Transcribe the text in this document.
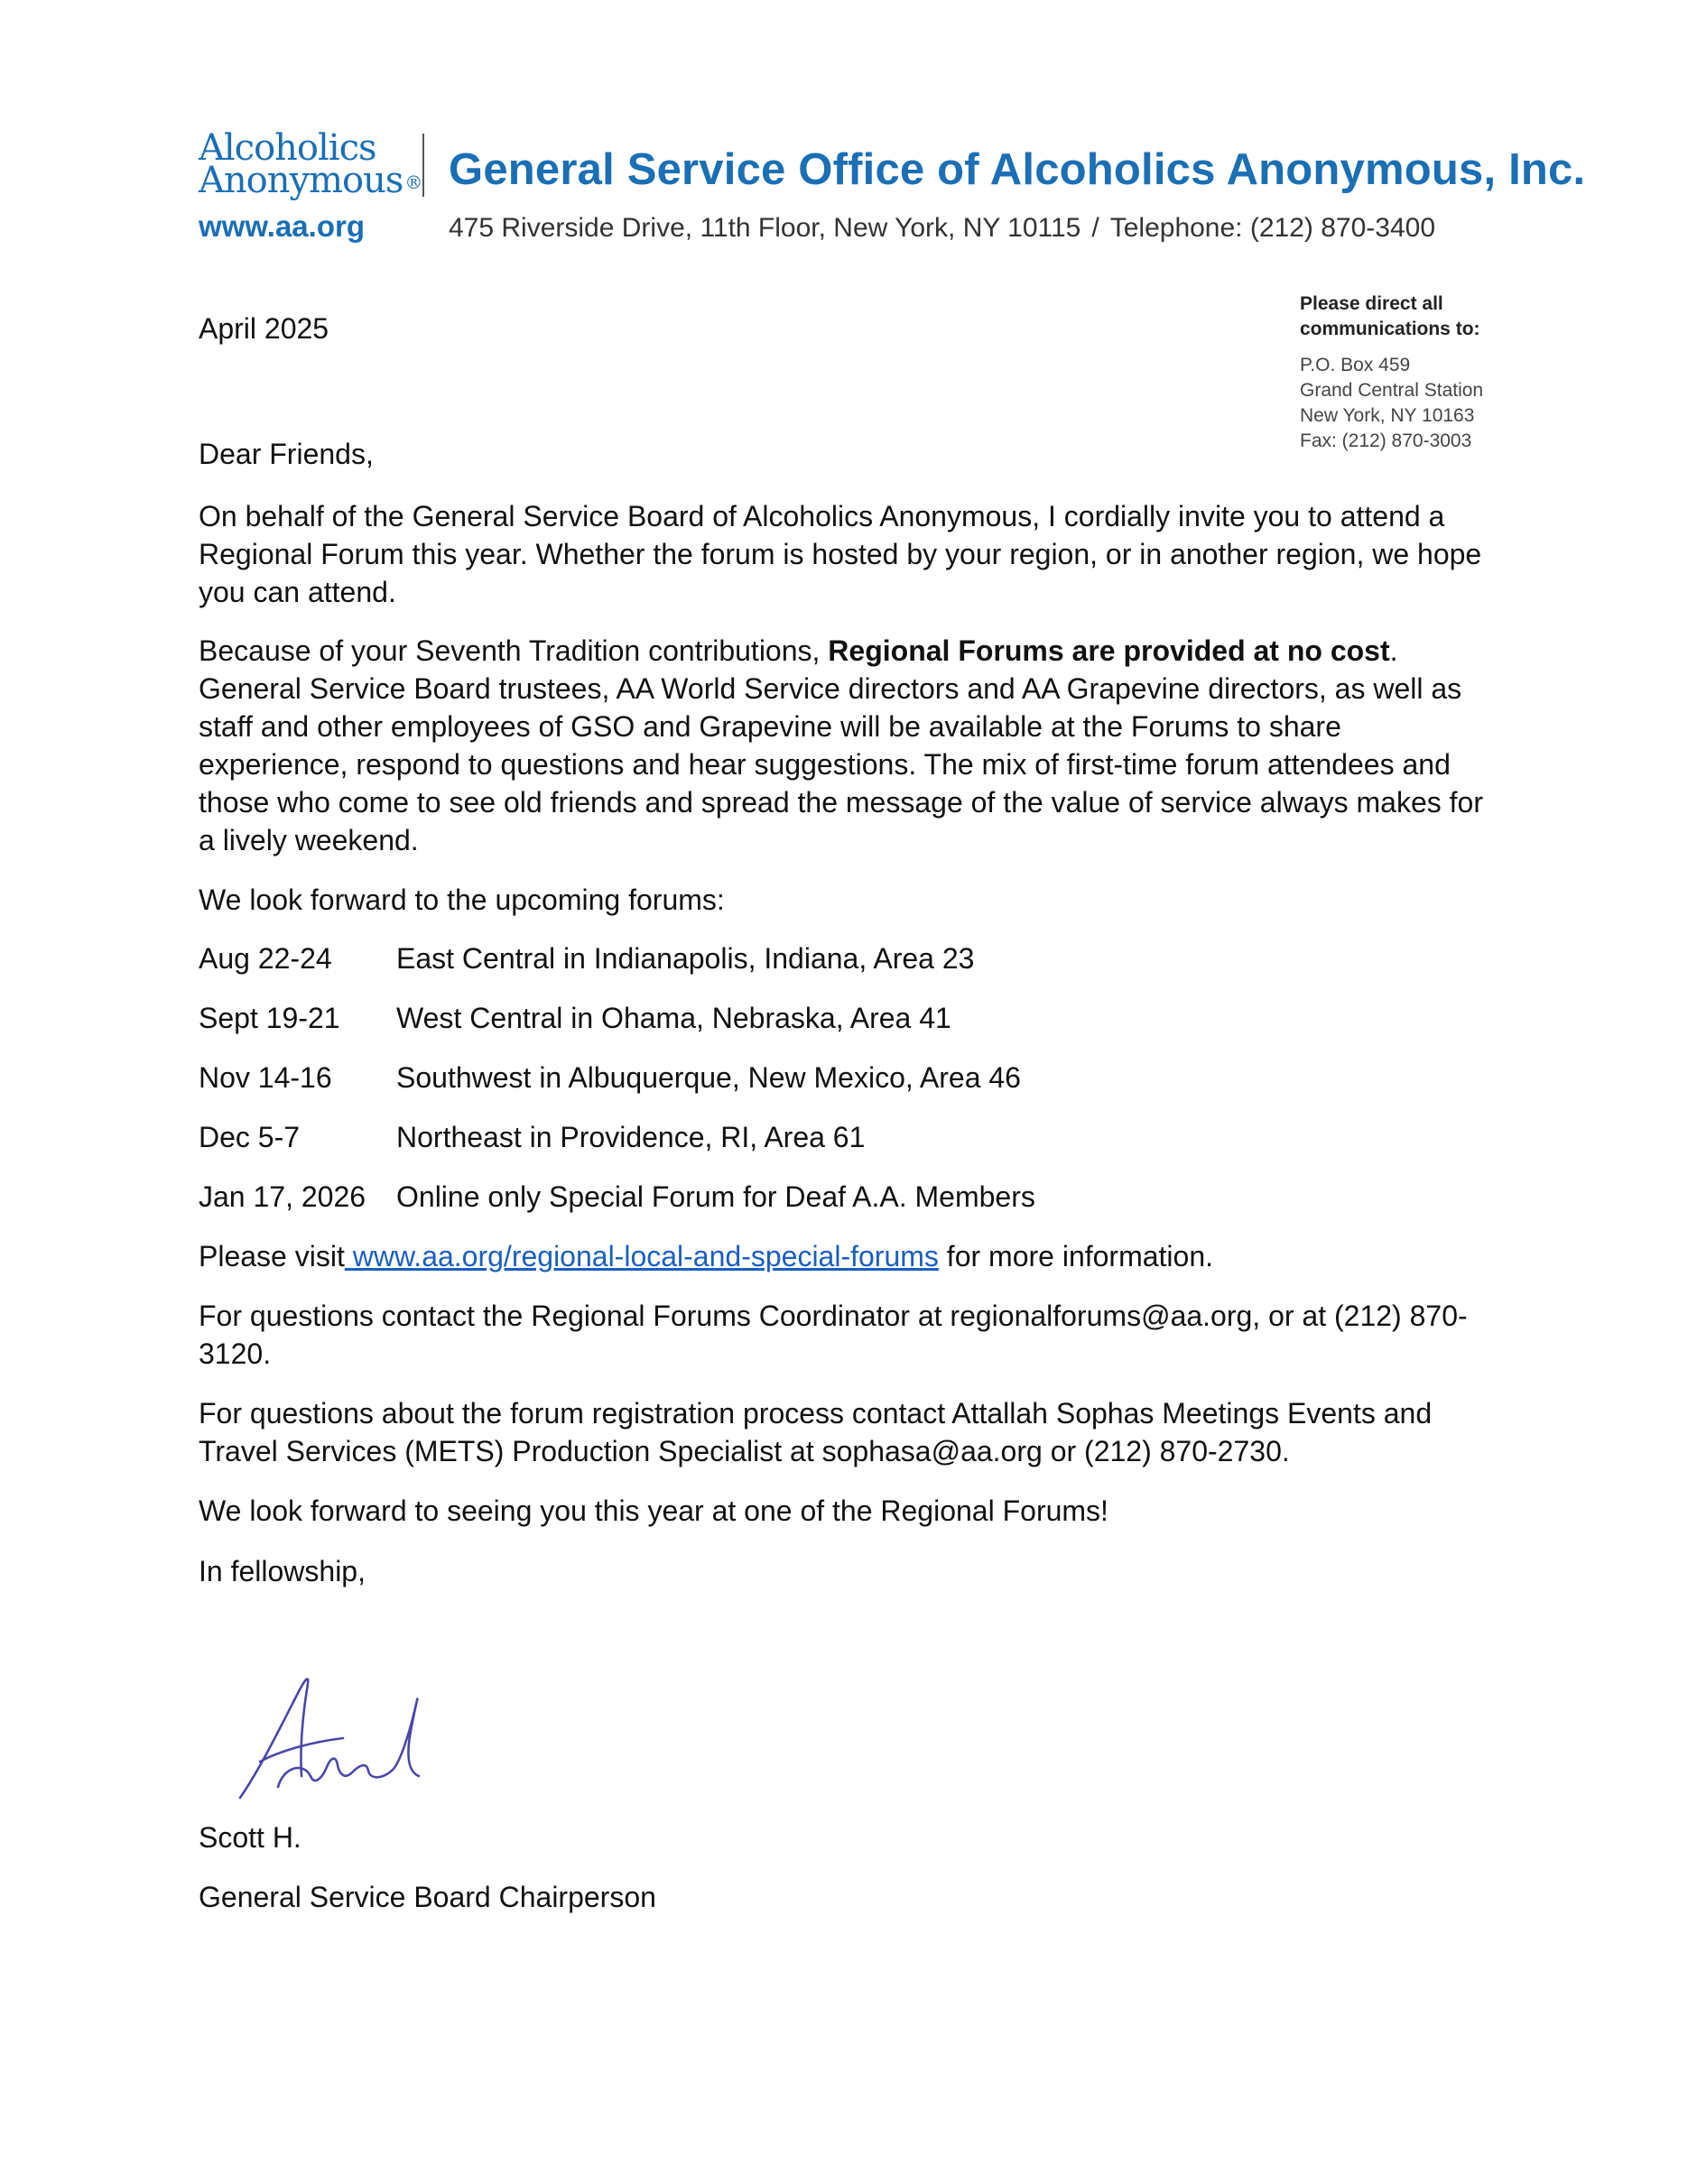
Alcoholics
Anonymous ®
www.aa.org
General Service Office of Alcoholics Anonymous, Inc.
475 Riverside Drive, 11th Floor, New York, NY 10115 / Telephone: (212) 870-3400
Please direct all
communications to:
P.O. Box 459
Grand Central Station
New York, NY 10163
Fax: (212) 870-3003
April 2025
Dear Friends,
On behalf of the General Service Board of Alcoholics Anonymous, I cordially invite you to attend a Regional Forum this year. Whether the forum is hosted by your region, or in another region, we hope you can attend.
Because of your Seventh Tradition contributions, Regional Forums are provided at no cost. General Service Board trustees, AA World Service directors and AA Grapevine directors, as well as staff and other employees of GSO and Grapevine will be available at the Forums to share experience, respond to questions and hear suggestions. The mix of first-time forum attendees and those who come to see old friends and spread the message of the value of service always makes for a lively weekend.
We look forward to the upcoming forums:
Aug 22-24 East Central in Indianapolis, Indiana, Area 23
Sept 19-21 West Central in Ohama, Nebraska, Area 41
Nov 14-16 Southwest in Albuquerque, New Mexico, Area 46
Dec 5-7	Northeast in Providence, RI, Area 61
Jan 17, 2026 Online only Special Forum for Deaf A.A. Members
Please visit www.aa.org/regional-local-and-special-forums for more information.
For questions contact the Regional Forums Coordinator at regionalforums@aa.org, or at (212) 870-3120.
For questions about the forum registration process contact Attallah Sophas Meetings Events and Travel Services (METS) Production Specialist at sophasa@aa.org or (212) 870-2730.
We look forward to seeing you this year at one of the Regional Forums!
In fellowship,
Scott H.
General Service Board Chairperson
